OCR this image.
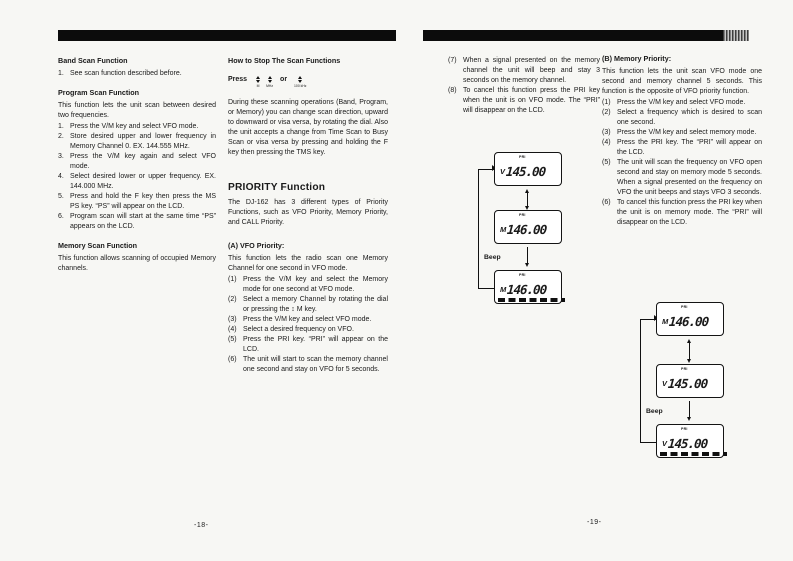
Band Scan Function
1. See scan function described before.
Program Scan Function
This function lets the unit scan between desired two frequencies.
1. Press the V/M key and select VFO mode.
2. Store desired upper and lower frequency in Memory Channel 0. EX. 144.555 MHz.
3. Press the V/M key again and select VFO mode.
4. Select desired lower or upper frequency. EX. 144.000 MHz.
5. Press and hold the F key then press the MS PS key. “PS” will appear on the LCD.
6. Program scan will start at the same time “PS” appears on the LCD.
Memory Scan Function
This function allows scanning of occupied Memory channels.
How to Stop The Scan Functions
Press
M MHz
or
100 kHz
During these scanning operations (Band, Program, or Memory) you can change scan direction, upward to downward or visa versa, by rotating the dial. Also the unit accepts a change from Time Scan to Busy Scan or visa versa by pressing and holding the F key then pressing the TMS key.
PRIORITY Function
The DJ-162 has 3 different types of Priority Functions, such as VFO Priority, Memory Priority, and CALL Priority.
(A) VFO Priority:
This function lets the radio scan one Memory Channel for one second in VFO mode.
(1) Press the V/M key and select the Memory mode for one second at VFO mode.
(2) Select a memory Channel by rotating the dial or pressing the ↕ M key.
(3) Press the V/M key and select VFO mode.
(4) Select a desired frequency on VFO.
(5) Press the PRI key. “PRI” will appear on the LCD.
(6) The unit will start to scan the memory channel one second and stay on VFO for 5 seconds.
(7) When a signal presented on the memory channel the unit will beep and stay 3 seconds on the memory channel.
(8) To cancel this function press the PRI key when the unit is on VFO mode. The “PRI” will disappear on the LCD.
PRI
V 145.00
PRI
M 146.00
Beep
PRI
M 146.00
(B) Memory Priority:
This function lets the unit scan VFO mode one second and memory channel 5 seconds. This function is the opposite of VFO priority function.
(1) Press the V/M key and select VFO mode.
(2) Select a frequency which is desired to scan one second.
(3) Press the V/M key and select memory mode.
(4) Press the PRI key. The “PRI” will appear on the LCD.
(5) The unit will scan the frequency on VFO open second and stay on memory mode 5 seconds. When a signal presented on the frequency on VFO the unit beeps and stays VFO 3 seconds.
(6) To cancel this function press the PRI key when the unit is on memory mode. The “PRI” will disappear on the LCD.
PRI
M 146.00
PRI
V 145.00
Beep
PRI
V 145.00
-18-	-19-
